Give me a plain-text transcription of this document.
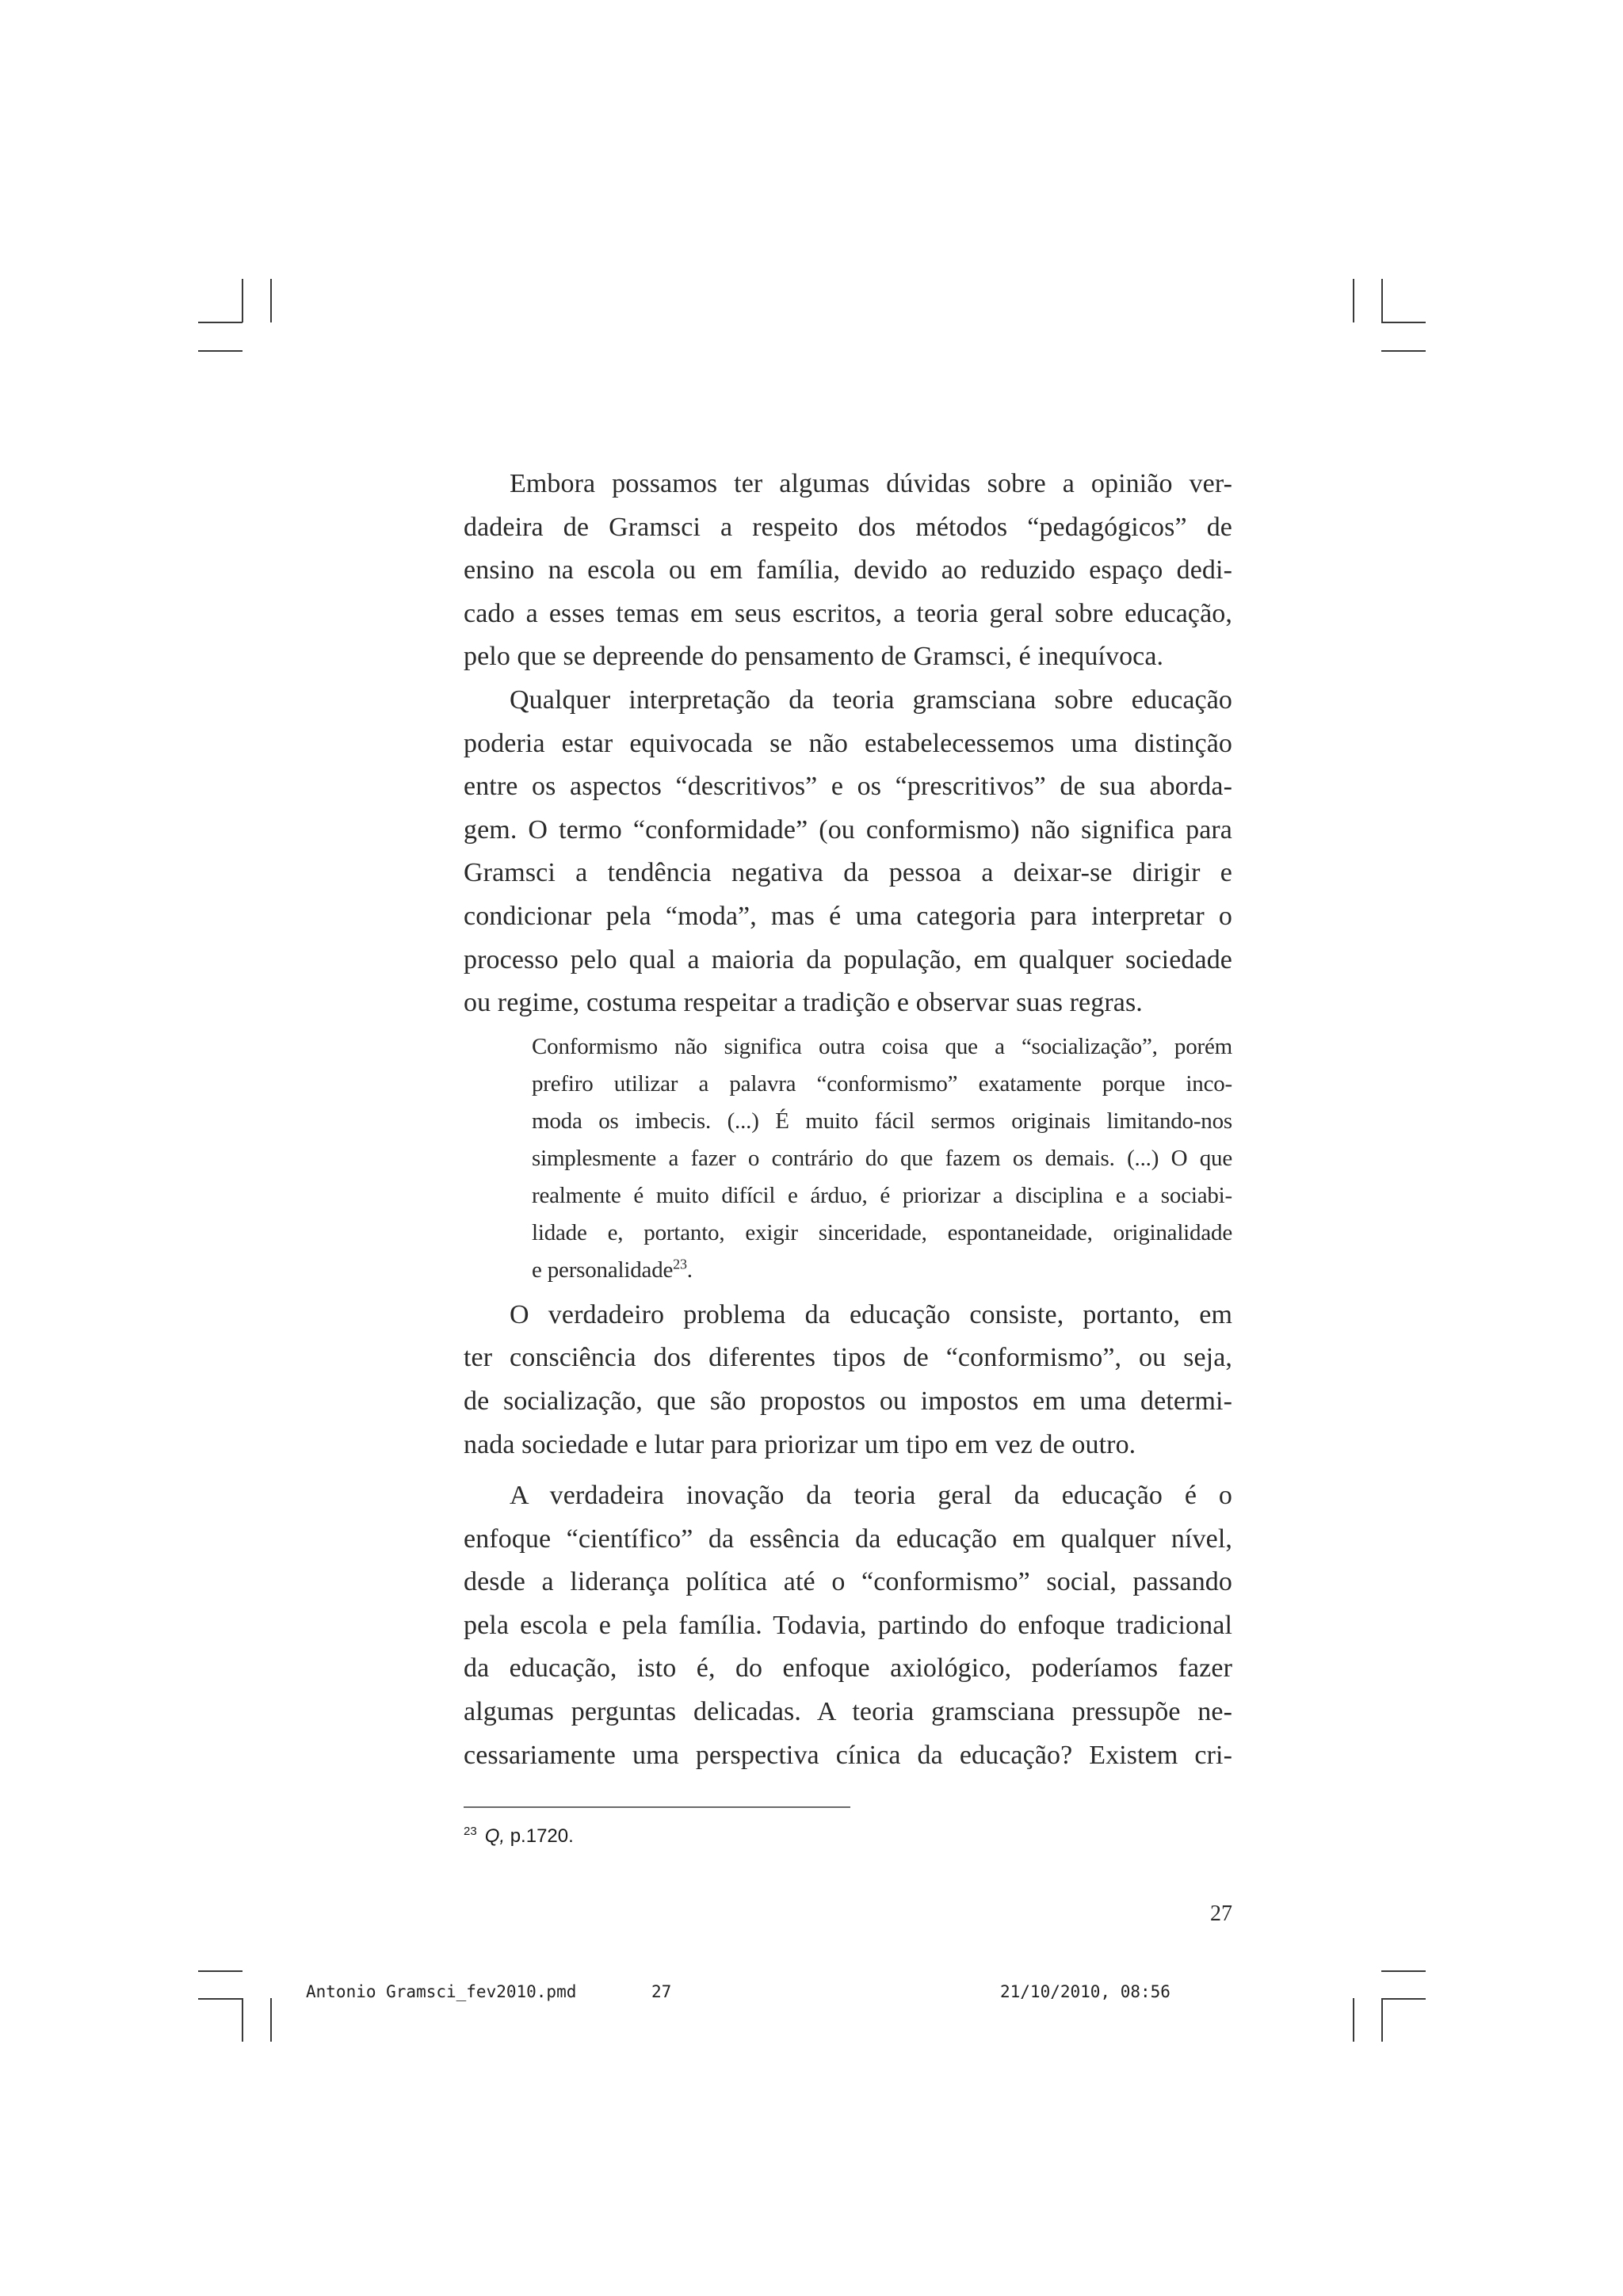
Embora possamos ter algumas dúvidas sobre a opinião ver-
dadeira de Gramsci a respeito dos métodos “pedagógicos” de
ensino na escola ou em família, devido ao reduzido espaço dedi-
cado a esses temas em seus escritos, a teoria geral sobre educação,
pelo que se depreende do pensamento de Gramsci, é inequívoca.

Qualquer interpretação da teoria gramsciana sobre educação
poderia estar equivocada se não estabelecessemos uma distinção
entre os aspectos “descritivos” e os “prescritivos” de sua aborda-
gem. O termo “conformidade” (ou conformismo) não significa para
Gramsci a tendência negativa da pessoa a deixar-se dirigir e
condicionar pela “moda”, mas é uma categoria para interpretar o
processo pelo qual a maioria da população, em qualquer sociedade
ou regime, costuma respeitar a tradição e observar suas regras.

Conformismo não significa outra coisa que a “socialização”, porém
prefiro utilizar a palavra “conformismo” exatamente porque inco-
moda os imbecis. (...) É muito fácil sermos originais limitando-nos
simplesmente a fazer o contrário do que fazem os demais. (...) O que
realmente é muito difícil e árduo, é priorizar a disciplina e a sociabi-
lidade e, portanto, exigir sinceridade, espontaneidade, originalidade
e personalidade$^{23}$.

O verdadeiro problema da educação consiste, portanto, em
ter consciência dos diferentes tipos de “conformismo”, ou seja,
de socialização, que são propostos ou impostos em uma determi-
nada sociedade e lutar para priorizar um tipo em vez de outro.

A verdadeira inovação da teoria geral da educação é o
enfoque “científico” da essência da educação em qualquer nível,
desde a liderança política até o “conformismo” social, passando
pela escola e pela família. Todavia, partindo do enfoque tradicional
da educação, isto é, do enfoque axiológico, poderíamos fazer
algumas perguntas delicadas. A teoria gramsciana pressupõe ne-
cessariamente uma perspectiva cínica da educação? Existem cri-

$^{23}$ Q, p.1720.
27
Antonio Gramsci_fev2010.pmd	27	21/10/2010, 08:56
